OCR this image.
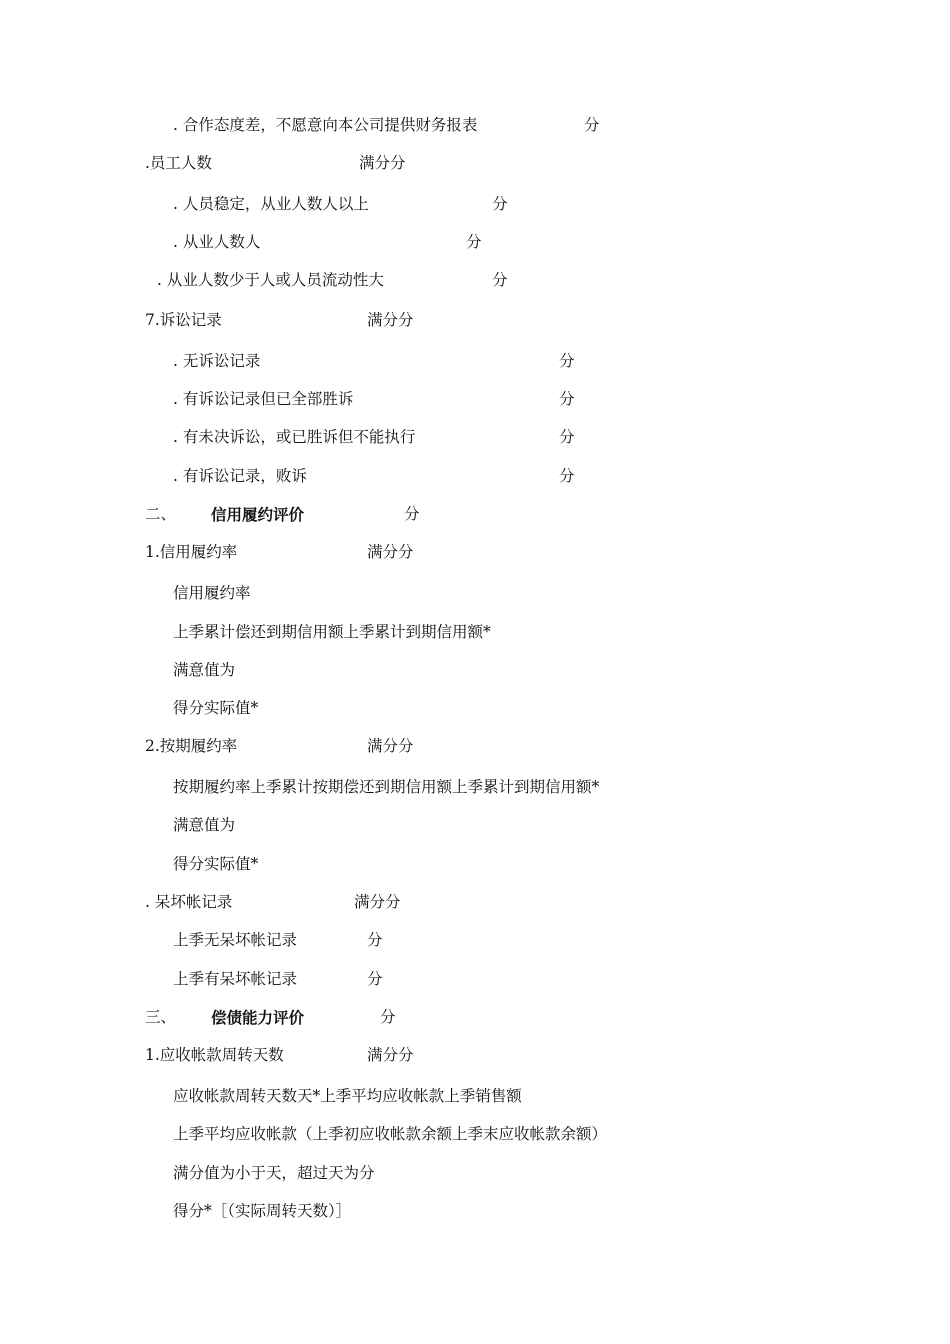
. 合作态度差，不愿意向本公司提供财务报表	分
.员工人数	满分分
. 人员稳定，从业人数人以上	分
. 从业人数人	分
. 从业人数少于人或人员流动性大	分
7.诉讼记录	满分分
. 无诉讼记录	分
. 有诉讼记录但已全部胜诉	分
. 有未决诉讼，或已胜诉但不能执行	分
. 有诉讼记录，败诉	分
二、 信用履约评价	分
1.信用履约率	满分分
信用履约率
上季累计偿还到期信用额上季累计到期信用额*
满意值为
得分实际值*
2.按期履约率	满分分
按期履约率上季累计按期偿还到期信用额上季累计到期信用额*
满意值为
得分实际值*
. 呆坏帐记录	满分分
上季无呆坏帐记录	分
上季有呆坏帐记录	分
三、 偿债能力评价	分
1.应收帐款周转天数	满分分
应收帐款周转天数天*上季平均应收帐款上季销售额
上季平均应收帐款（上季初应收帐款余额上季末应收帐款余额）
满分值为小于天，超过天为分
得分*［（实际周转天数）］
